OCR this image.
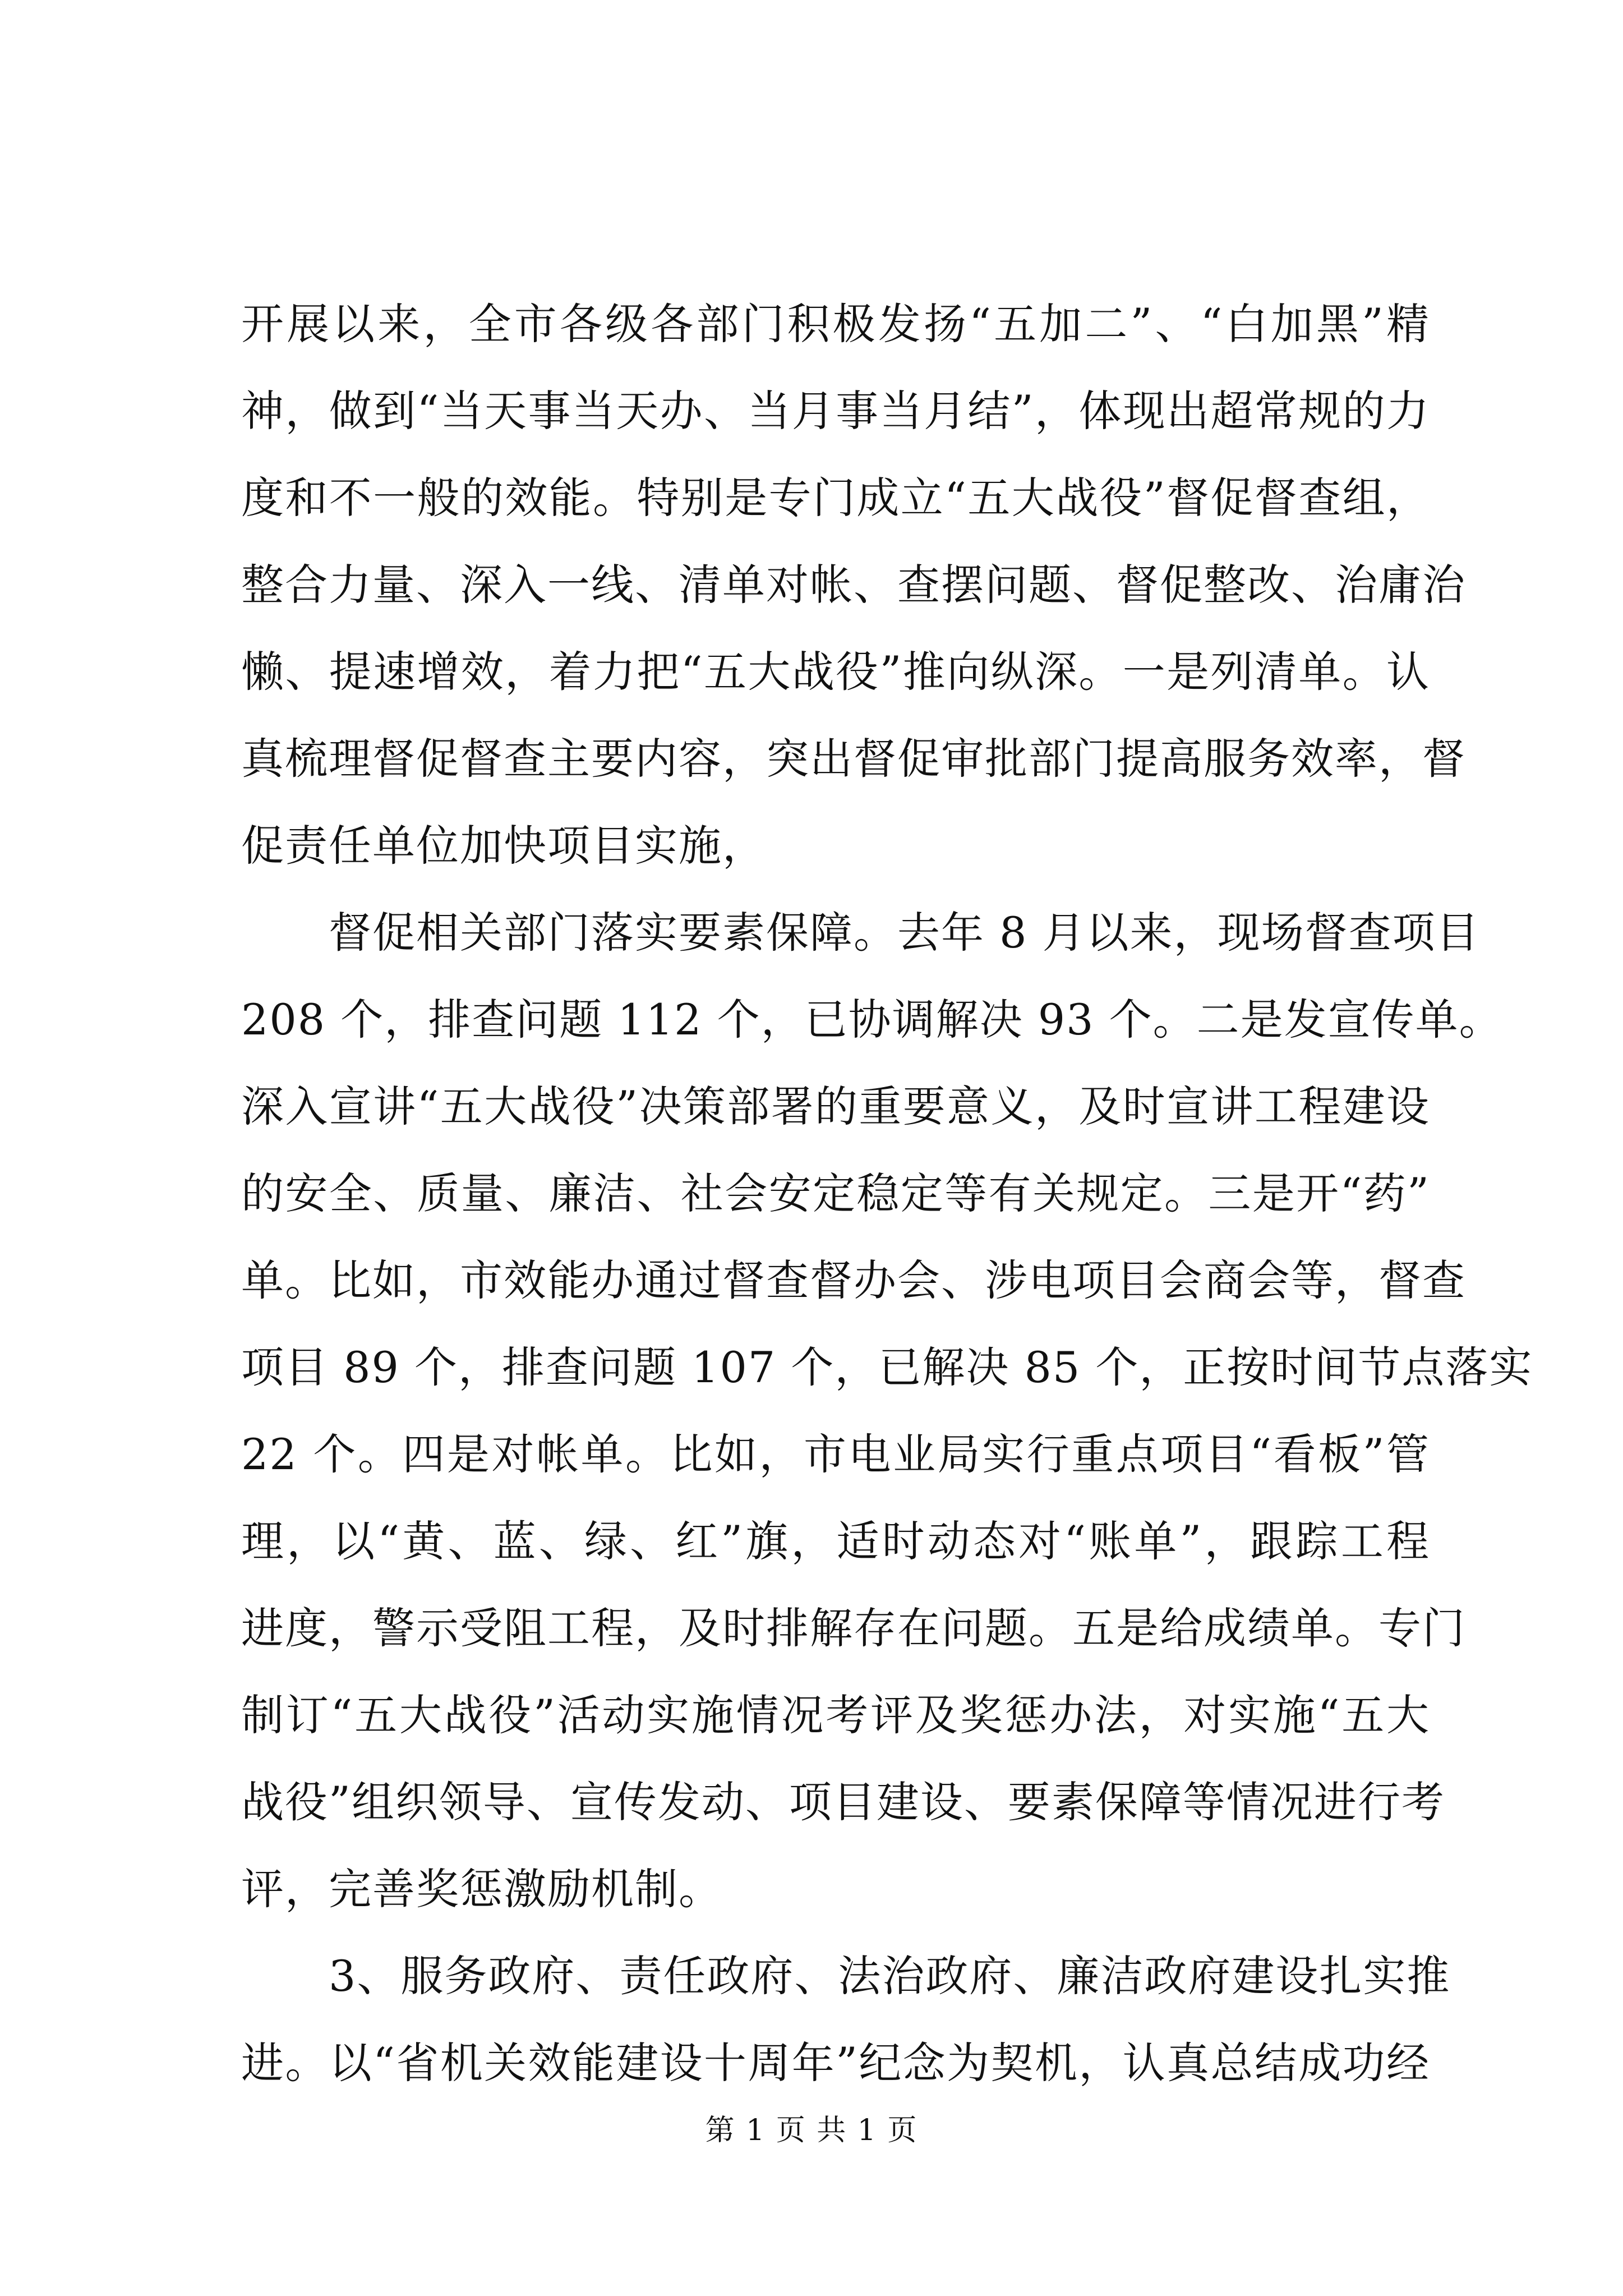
开展以来，全市各级各部门积极发扬“五加二”、“白加黑”精
神，做到“当天事当天办、当月事当月结”，体现出超常规的力
度和不一般的效能。特别是专门成立“五大战役”督促督查组，
整合力量、深入一线、清单对帐、查摆问题、督促整改、治庸治
懒、提速增效，着力把“五大战役”推向纵深。一是列清单。认
真梳理督促督查主要内容，突出督促审批部门提高服务效率，督
促责任单位加快项目实施，
　　督促相关部门落实要素保障。去年 8 月以来，现场督查项目
208 个，排查问题 112 个，已协调解决 93 个。二是发宣传单。
深入宣讲“五大战役”决策部署的重要意义，及时宣讲工程建设
的安全、质量、廉洁、社会安定稳定等有关规定。三是开“药”
单。比如，市效能办通过督查督办会、涉电项目会商会等，督查
项目 89 个，排查问题 107 个，已解决 85 个，正按时间节点落实
22 个。四是对帐单。比如，市电业局实行重点项目“看板”管
理，以“黄、蓝、绿、红”旗，适时动态对“账单”，跟踪工程
进度，警示受阻工程，及时排解存在问题。五是给成绩单。专门
制订“五大战役”活动实施情况考评及奖惩办法，对实施“五大
战役”组织领导、宣传发动、项目建设、要素保障等情况进行考
评，完善奖惩激励机制。
　　3、服务政府、责任政府、法治政府、廉洁政府建设扎实推
进。以“省机关效能建设十周年”纪念为契机，认真总结成功经
第 1 页 共 1 页
